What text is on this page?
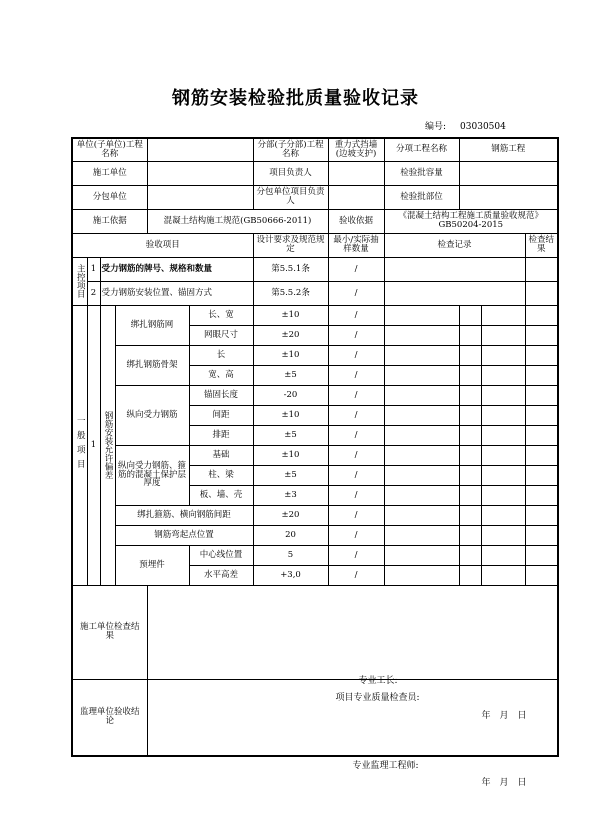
钢筋安装检验批质量验收记录
编号: 03030504
单位(子单位)工程名称						分部(子分部)工程名称	重力式挡墙(边坡支护)	分项工程名称	钢筋工程		
施工单位						项目负责人		检验批容量			
分包单位						分包单位项目负责人		检验批部位			
施工依据				混凝土结构施工规范(GB50666-2011)			验收依据	《混凝土结构工程施工质量验收规范》GB50204-2015			
验收项目						设计要求及规范规定	最小/实际抽样数量	检查记录			检查结果
主控项目	1	受力钢筋的牌号、规格和数量				第5.5.1条	/				
	2	受力钢筋安装位置、锚固方式				第5.5.2条	/				
一般项目	1	钢筋安装允许偏差	绑扎钢筋网		长、宽	±10	/				
					网眼尺寸	±20	/				
			绑扎钢筋骨架		长	±10	/				
					宽、高	±5	/				
			纵向受力钢筋		锚固长度	-20	/				
					间距	±10	/				
					排距	±5	/				
			纵向受力钢筋、箍筋的混凝土保护层厚度		基础	±10	/				
					柱、梁	±5	/				
					板、墙、壳	±3	/				
			绑扎箍筋、横向钢筋间距			±20	/				
			钢筋弯起点位置			20	/				
			预埋件		中心线位置	5	/				
					水平高差	+3,0	/				
施工单位检查结果				专业工长:
项目专业质量检查员:
年　月　日							

监理单位验收结论				专业监理工程师:
年　月　日							
